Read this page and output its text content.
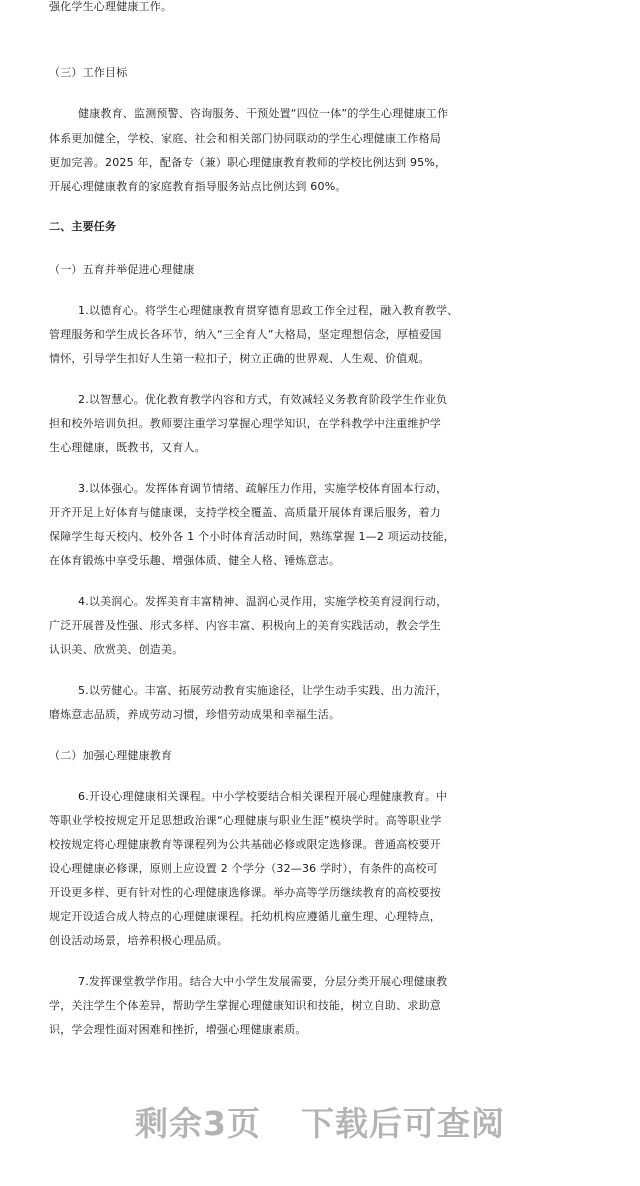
强化学生心理健康工作。
（三）工作目标
健康教育、监测预警、咨询服务、干预处置“四位一体”的学生心理健康工作
体系更加健全，学校、家庭、社会和相关部门协同联动的学生心理健康工作格局
更加完善。2025 年，配备专（兼）职心理健康教育教师的学校比例达到 95%，
开展心理健康教育的家庭教育指导服务站点比例达到 60%。
二、主要任务
（一）五育并举促进心理健康
1.以德育心。将学生心理健康教育贯穿德育思政工作全过程，融入教育教学、
管理服务和学生成长各环节，纳入“三全育人”大格局，坚定理想信念，厚植爱国
情怀，引导学生扣好人生第一粒扣子，树立正确的世界观、人生观、价值观。
2.以智慧心。优化教育教学内容和方式，有效减轻义务教育阶段学生作业负
担和校外培训负担。教师要注重学习掌握心理学知识，在学科教学中注重维护学
生心理健康，既教书，又育人。
3.以体强心。发挥体育调节情绪、疏解压力作用，实施学校体育固本行动，
开齐开足上好体育与健康课，支持学校全覆盖、高质量开展体育课后服务，着力
保障学生每天校内、校外各 1 个小时体育活动时间，熟练掌握 1—2 项运动技能，
在体育锻炼中享受乐趣、增强体质、健全人格、锤炼意志。
4.以美润心。发挥美育丰富精神、温润心灵作用，实施学校美育浸润行动，
广泛开展普及性强、形式多样、内容丰富、积极向上的美育实践活动，教会学生
认识美、欣赏美、创造美。
5.以劳健心。丰富、拓展劳动教育实施途径，让学生动手实践、出力流汗，
磨炼意志品质，养成劳动习惯，珍惜劳动成果和幸福生活。
（二）加强心理健康教育
6.开设心理健康相关课程。中小学校要结合相关课程开展心理健康教育。中
等职业学校按规定开足思想政治课“心理健康与职业生涯”模块学时。高等职业学
校按规定将心理健康教育等课程列为公共基础必修或限定选修课。普通高校要开
设心理健康必修课，原则上应设置 2 个学分（32—36 学时），有条件的高校可
开设更多样、更有针对性的心理健康选修课。举办高等学历继续教育的高校要按
规定开设适合成人特点的心理健康课程。托幼机构应遵循儿童生理、心理特点，
创设活动场景，培养积极心理品质。
7.发挥课堂教学作用。结合大中小学生发展需要，分层分类开展心理健康教
学，关注学生个体差异，帮助学生掌握心理健康知识和技能，树立自助、求助意
识，学会理性面对困难和挫折，增强心理健康素质。
剩余3页 下载后可查阅
